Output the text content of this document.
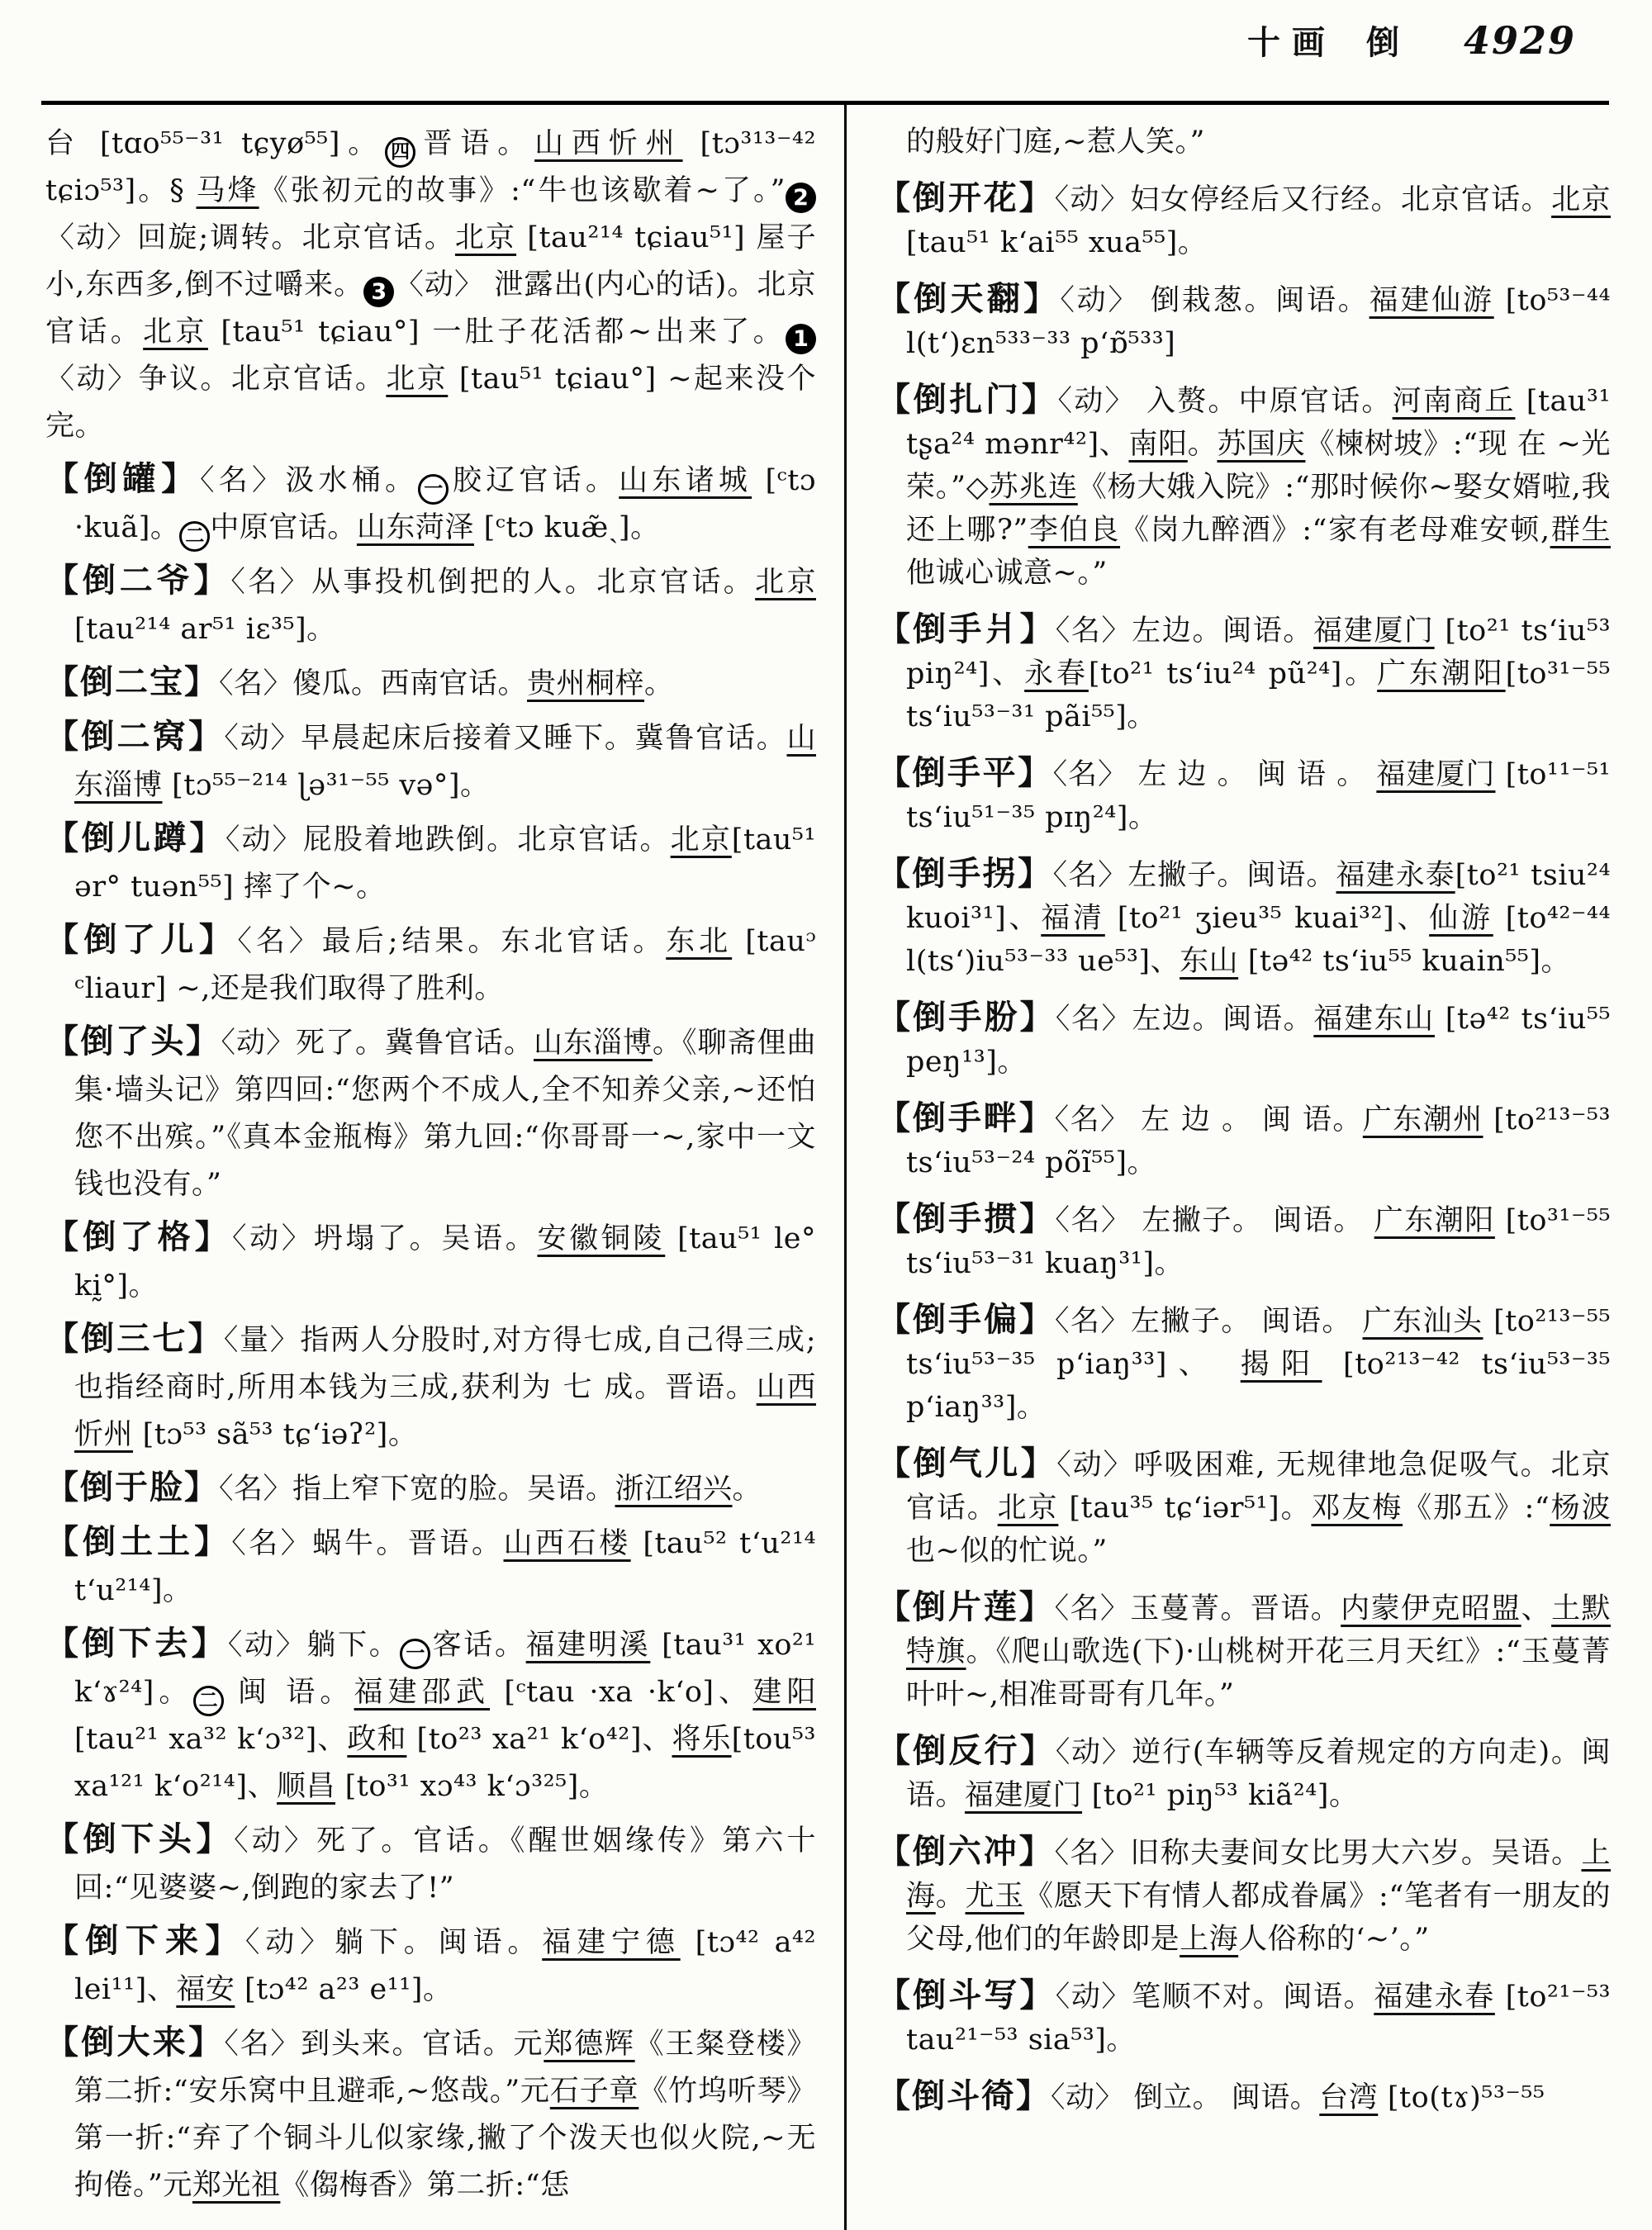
十画 倒 4929

台 [tɑo⁵⁵⁻³¹ tɕyø⁵⁵]。 四 晋语。山西忻州 [tɔ³¹³⁻⁴² tɕiɔ⁵³]。§ 马烽《张初元的故事》:“牛也该歇着~了。” 2〈动〉回旋;调转。北京官话。北京 [tau²¹⁴ tɕiau⁵¹] 屋子小,东西多,倒不过嚼来。 3 〈动〉 泄露出(内心的话)。北京官话。北京 [tau⁵¹ tɕiau°] 一肚子花活都~出来了。 1〈动〉争议。北京官话。北京 [tau⁵¹ tɕiau°] ~起来没个完。

【倒罐】〈名〉汲水桶。 一 胶辽官话。山东诸城 [ᶜtɔ ·kuã]。 二 中原官话。山东菏泽 [ᶜtɔ kuæ̃ˏ]。

【倒二爷】〈名〉从事投机倒把的人。北京官话。北京 [tau²¹⁴ ar⁵¹ iɛ³⁵]。

【倒二宝】〈名〉傻瓜。西南官话。贵州桐梓。

【倒二窝】〈动〉早晨起床后接着又睡下。冀鲁官话。山东淄博 [tɔ⁵⁵⁻²¹⁴ ɭə³¹⁻⁵⁵ və°]。

【倒儿蹲】〈动〉屁股着地跌倒。北京官话。北京[tau⁵¹ ər° tuən⁵⁵] 摔了个~。

【倒了儿】〈名〉最后;结果。东北官话。东北 [tauᵓ ᶜliaur] ~,还是我们取得了胜利。

【倒了头】〈动〉死了。冀鲁官话。山东淄博。《聊斋俚曲集·墙头记》第四回:“您两个不成人,全不知养父亲,~还怕您不出殡。”《真本金瓶梅》第九回:“你哥哥一~,家中一文钱也没有。”

【倒了格】〈动〉坍塌了。吴语。安徽铜陵 [tau⁵¹ le° kḭ°]。

【倒三七】〈量〉指两人分股时,对方得七成,自己得三成;也指经商时,所用本钱为三成,获利为 七 成。晋语。山西忻州 [tɔ⁵³ sã⁵³ tɕ‘iəʔ²]。

【倒于脸】〈名〉指上窄下宽的脸。吴语。浙江绍兴。

【倒土土】〈名〉蜗牛。晋语。山西石楼 [tau⁵² t‘u²¹⁴ t‘u²¹⁴]。

【倒下去】〈动〉躺下。 一 客话。福建明溪 [tau³¹ xo²¹ k‘ɤ²⁴]。 二 闽 语。福建邵武 [ᶜtau ·xa ·k‘o]、建阳 [tau²¹ xa³² k‘ɔ³²]、政和 [to²³ xa²¹ k‘o⁴²]、将乐[tou⁵³ xa¹²¹ k‘o²¹⁴]、顺昌 [to³¹ xɔ⁴³ k‘ɔ³²⁵]。

【倒下头】〈动〉死了。官话。《醒世姻缘传》第六十回:“见婆婆~,倒跑的家去了!”

【倒下来】〈动〉躺下。闽语。福建宁德 [tɔ⁴² a⁴² lei¹¹]、福安 [tɔ⁴² a²³ e¹¹]。

【倒大来】〈名〉到头来。官话。元郑德辉《王粲登楼》第二折:“安乐窝中且避乖,~悠哉。”元石子章《竹坞听琴》第一折:“弃了个铜斗儿似家缘,撇了个泼天也似火院,~无拘倦。”元郑光祖《㑳梅香》第二折:“恁

的般好门庭,~惹人笑。”

【倒开花】〈动〉妇女停经后又行经。北京官话。北京 [tau⁵¹ k‘ai⁵⁵ xua⁵⁵]。

【倒天翻】〈动〉 倒栽葱。闽语。福建仙游 [to⁵³⁻⁴⁴ l(t‘)ɛn⁵³³⁻³³ p‘ɒ̃⁵³³]

【倒扎门】〈动〉 入赘。中原官话。河南商丘 [tau³¹ tʂa²⁴ mənr⁴²]、南阳。苏国庆《楝树坡》:“现 在 ~光荣。”◇苏兆连《杨大娥入院》:“那时候你~娶女婿啦,我还上哪?”李伯良《岗九醉酒》:“家有老母难安顿,群生他诚心诚意~。”

【倒手爿】〈名〉左边。闽语。福建厦门 [to²¹ ts‘iu⁵³ piŋ²⁴]、永春[to²¹ ts‘iu²⁴ pũ²⁴]。广东潮阳[to³¹⁻⁵⁵ ts‘iu⁵³⁻³¹ pãi⁵⁵]。

【倒手平】〈名〉 左 边 。 闽 语 。 福建厦门 [to¹¹⁻⁵¹ ts‘iu⁵¹⁻³⁵ pɪŋ²⁴]。

【倒手拐】〈名〉左撇子。闽语。福建永泰[to²¹ tsiu²⁴ kuoi³¹]、福清 [to²¹ ʒieu³⁵ kuai³²]、仙游 [to⁴²⁻⁴⁴ l(ts‘)iu⁵³⁻³³ ue⁵³]、东山 [tə⁴² ts‘iu⁵⁵ kuain⁵⁵]。

【倒手肦】〈名〉左边。闽语。福建东山 [tə⁴² ts‘iu⁵⁵ peŋ¹³]。

【倒手畔】〈名〉 左 边 。 闽 语。广东潮州 [to²¹³⁻⁵³ ts‘iu⁵³⁻²⁴ põĩ⁵⁵]。

【倒手掼】〈名〉 左撇子。 闽语。 广东潮阳 [to³¹⁻⁵⁵ ts‘iu⁵³⁻³¹ kuaŋ³¹]。

【倒手偏】〈名〉左撇子。 闽语。 广东汕头 [to²¹³⁻⁵⁵ ts‘iu⁵³⁻³⁵ p‘iaŋ³³]、 揭阳 [to²¹³⁻⁴² ts‘iu⁵³⁻³⁵ p‘iaŋ³³]。

【倒气儿】〈动〉呼吸困难, 无规律地急促吸气。北京官话。北京 [tau³⁵ tɕ‘iər⁵¹]。邓友梅《那五》:“杨波也~似的忙说。”

【倒片莲】〈名〉玉蔓菁。晋语。内蒙伊克昭盟、土默特旗。《爬山歌选(下)·山桃树开花三月天红》:“玉蔓菁叶叶~,相准哥哥有几年。”

【倒反行】〈动〉逆行(车辆等反着规定的方向走)。闽语。福建厦门 [to²¹ piŋ⁵³ kiã²⁴]。

【倒六冲】〈名〉旧称夫妻间女比男大六岁。吴语。上海。尤玉《愿天下有情人都成眷属》:“笔者有一朋友的父母,他们的年龄即是上海人俗称的‘~’。”

【倒斗写】〈动〉笔顺不对。闽语。福建永春 [to²¹⁻⁵³ tau²¹⁻⁵³ sia⁵³]。

【倒斗徛】〈动〉 倒立。 闽语。台湾 [to(tɤ)⁵³⁻⁵⁵
